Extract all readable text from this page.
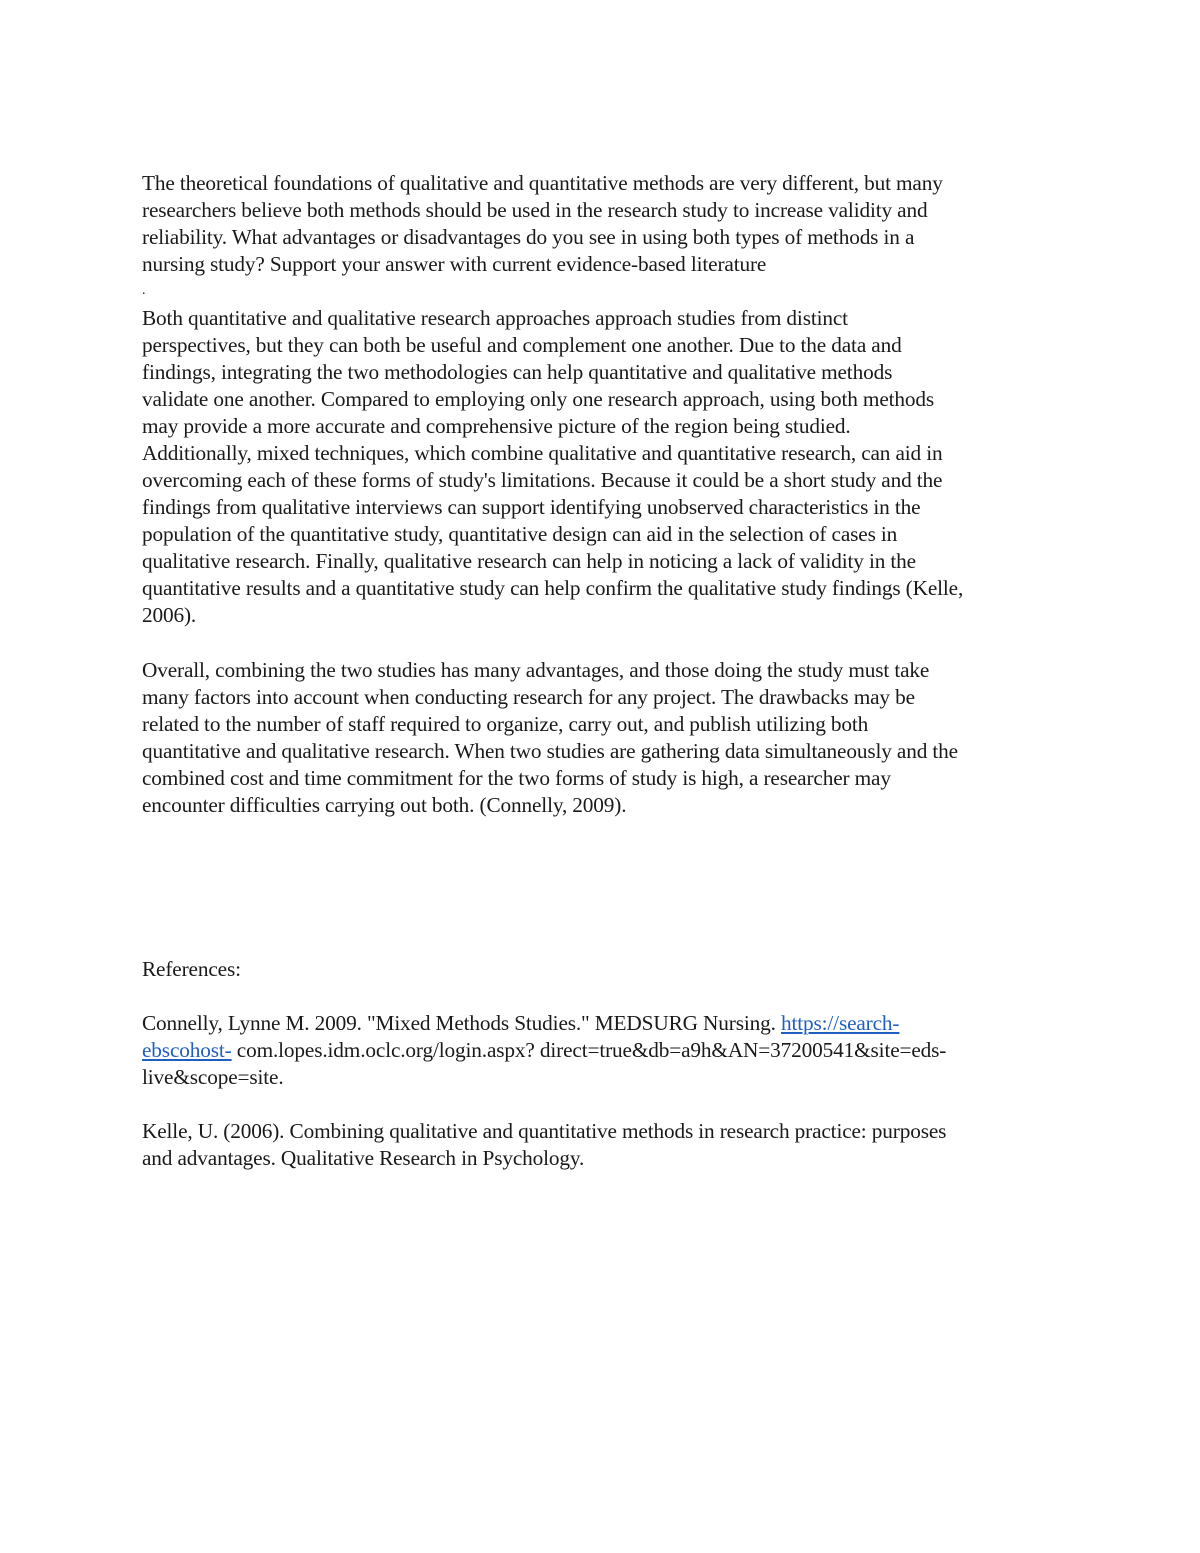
The theoretical foundations of qualitative and quantitative methods are very different, but many
researchers believe both methods should be used in the research study to increase validity and
reliability. What advantages or disadvantages do you see in using both types of methods in a
nursing study? Support your answer with current evidence-based literature
.
Both quantitative and qualitative research approaches approach studies from distinct
perspectives, but they can both be useful and complement one another. Due to the data and
findings, integrating the two methodologies can help quantitative and qualitative methods
validate one another. Compared to employing only one research approach, using both methods
may provide a more accurate and comprehensive picture of the region being studied.
Additionally, mixed techniques, which combine qualitative and quantitative research, can aid in
overcoming each of these forms of study's limitations. Because it could be a short study and the
findings from qualitative interviews can support identifying unobserved characteristics in the
population of the quantitative study, quantitative design can aid in the selection of cases in
qualitative research. Finally, qualitative research can help in noticing a lack of validity in the
quantitative results and a quantitative study can help confirm the qualitative study findings (Kelle,
2006).
Overall, combining the two studies has many advantages, and those doing the study must take
many factors into account when conducting research for any project. The drawbacks may be
related to the number of staff required to organize, carry out, and publish utilizing both
quantitative and qualitative research. When two studies are gathering data simultaneously and the
combined cost and time commitment for the two forms of study is high, a researcher may
encounter difficulties carrying out both. (Connelly, 2009).
References:
Connelly, Lynne M. 2009. "Mixed Methods Studies." MEDSURG Nursing. https://search-
ebscohost- com.lopes.idm.oclc.org/login.aspx? direct=true&db=a9h&AN=37200541&site=eds-
live&scope=site.
Kelle, U. (2006). Combining qualitative and quantitative methods in research practice: purposes
and advantages. Qualitative Research in Psychology.
